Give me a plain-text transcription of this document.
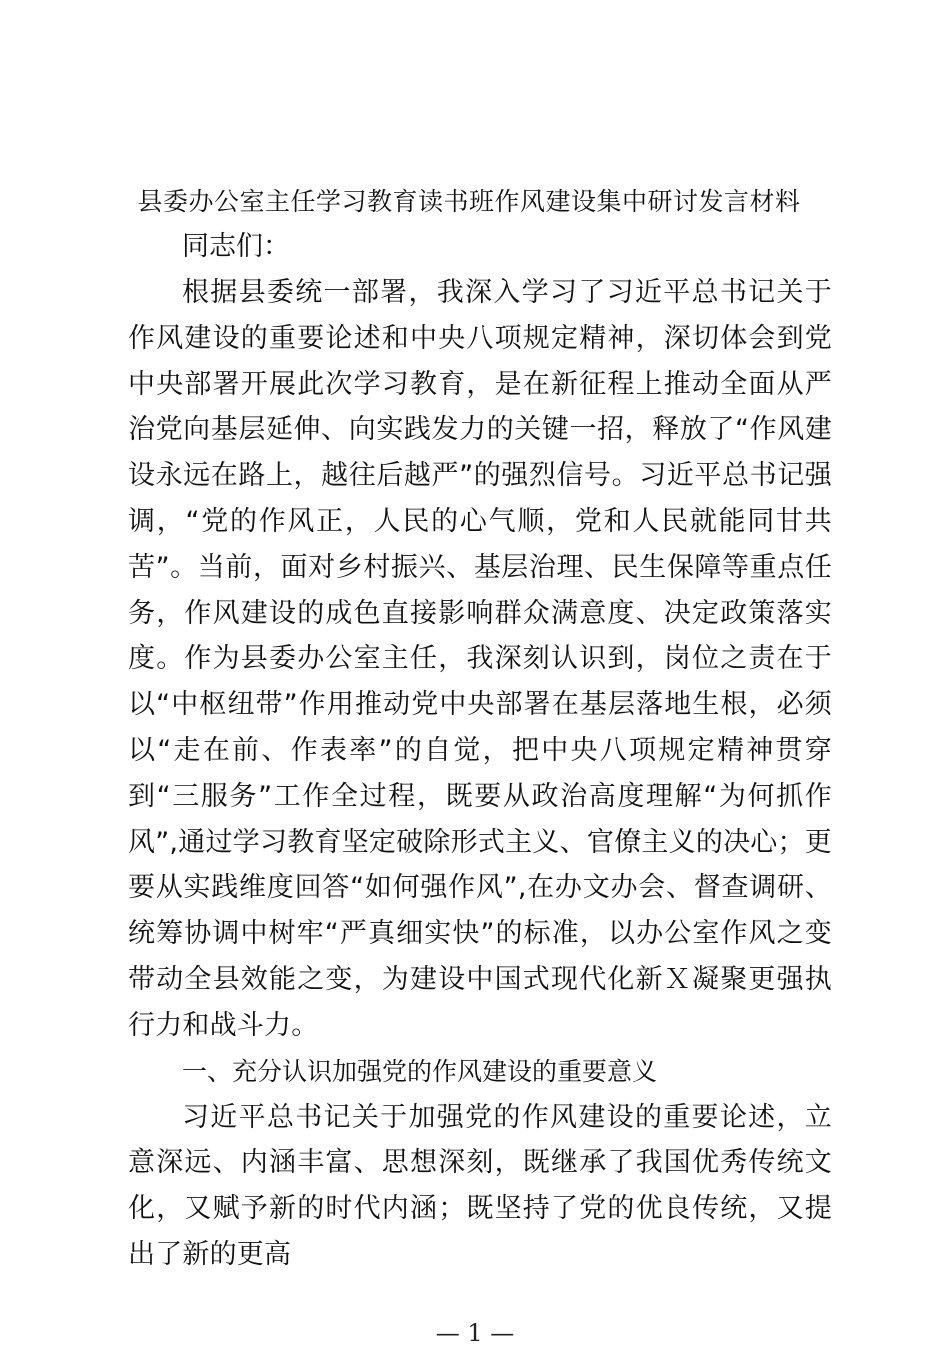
县委办公室主任学习教育读书班作风建设集中研讨发言材料

同志们：

根据县委统一部署，我深入学习了习近平总书记关于作风建设的重要论述和中央八项规定精神，深切体会到党中央部署开展此次学习教育，是在新征程上推动全面从严治党向基层延伸、向实践发力的关键一招，释放了“作风建设永远在路上，越往后越严”的强烈信号。习近平总书记强调，“党的作风正，人民的心气顺，党和人民就能同甘共苦”。当前，面对乡村振兴、基层治理、民生保障等重点任务，作风建设的成色直接影响群众满意度、决定政策落实度。作为县委办公室主任，我深刻认识到，岗位之责在于以“中枢纽带”作用推动党中央部署在基层落地生根，必须以“走在前、作表率”的自觉，把中央八项规定精神贯穿到“三服务”工作全过程，既要从政治高度理解“为何抓作风”,通过学习教育坚定破除形式主义、官僚主义的决心；更要从实践维度回答“如何强作风”,在办文办会、督查调研、统筹协调中树牢“严真细实快”的标准，以办公室作风之变带动全县效能之变，为建设中国式现代化新Ｘ凝聚更强执行力和战斗力。

一、充分认识加强党的作风建设的重要意义

习近平总书记关于加强党的作风建设的重要论述，立意深远、内涵丰富、思想深刻，既继承了我国优秀传统文化，又赋予新的时代内涵；既坚持了党的优良传统，又提出了新的更高

— 1 —
